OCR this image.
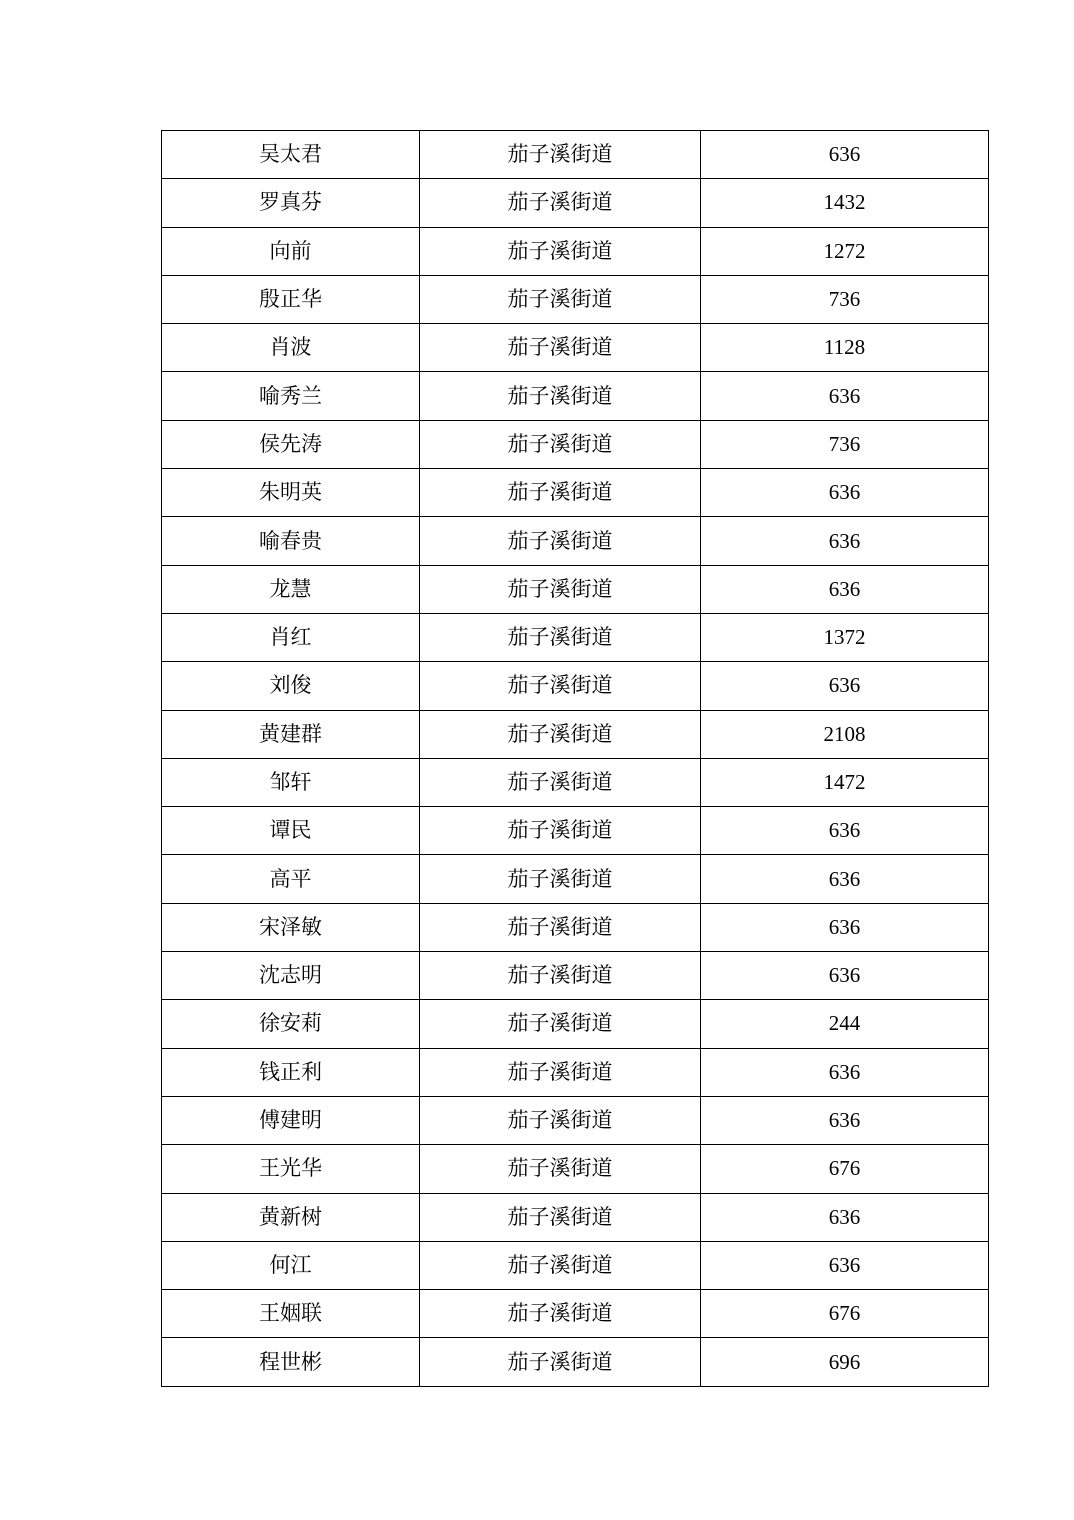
吴太君	茄子溪街道	636
罗真芬	茄子溪街道	1432
向前	茄子溪街道	1272
殷正华	茄子溪街道	736
肖波	茄子溪街道	1128
喻秀兰	茄子溪街道	636
侯先涛	茄子溪街道	736
朱明英	茄子溪街道	636
喻春贵	茄子溪街道	636
龙慧	茄子溪街道	636
肖红	茄子溪街道	1372
刘俊	茄子溪街道	636
黄建群	茄子溪街道	2108
邹轩	茄子溪街道	1472
谭民	茄子溪街道	636
高平	茄子溪街道	636
宋泽敏	茄子溪街道	636
沈志明	茄子溪街道	636
徐安莉	茄子溪街道	244
钱正利	茄子溪街道	636
傅建明	茄子溪街道	636
王光华	茄子溪街道	676
黄新树	茄子溪街道	636
何江	茄子溪街道	636
王姻联	茄子溪街道	676
程世彬	茄子溪街道	696
